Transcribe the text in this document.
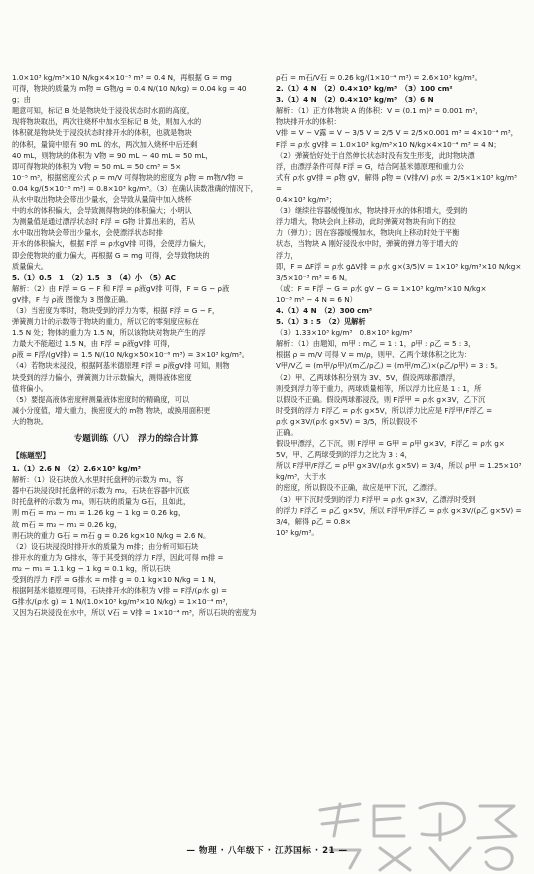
1.0×10³ kg/m³×10 N/kg×4×10⁻⁵ m³ = 0.4 N，再根据 G = mg

可得，物块的质量为 m物 = G物/g = 0.4 N/(10 N/kg) = 0.04 kg = 40 g；由

题意可知，标记 B 处是物块处于浸没状态时水面的高度，

现将物块取出，两次往烧杯中加水至标记 B 处，则加入水的

体积就是物块处于浸没状态时排开水的体积，也就是物块

的体积，量筒中原有 90 mL 的水，两次加入烧杯中后还剩

40 mL，则物块的体积为 V物 = 90 mL − 40 mL = 50 mL，

即可得物块的体积为 V物 = 50 mL = 50 cm³ = 5×

10⁻⁵ m³，根据密度公式 ρ = m/V 可得物块的密度为 ρ物 = m物/V物 =

0.04 kg/(5×10⁻⁵ m³) = 0.8×10³ kg/m³。（3）在确认读数准确的情况下，

从水中取出物块会带出少量水，会导致从量筒中加入烧杯

中的水的体积偏大，会导致测得物块的体积偏大；小明认

为测量值是通过漂浮状态时 F浮 = G物 计算出来的，若从

水中取出物块会带出少量水，会使漂浮状态时排

开水的体积偏大，根据 F浮 = ρ水gV排 可得，会使浮力偏大，

即会使物块的重力偏大，再根据 G = mg 可得，会导致物块的

质量偏大。

5.（1）0.5　1　（2）1.5　3　（4）小　（5）AC

解析：（2）由 F浮 = G − F 和 F浮 = ρ液gV排 可得，F = G − ρ液

gV排，F 与 ρ液 图像为 3 图像正确。

（3）当密度为零时，物块受到的浮力为零，根据 F浮 = G − F，

弹簧测力计的示数等于物块的重力，所以它的零刻度应标在

1.5 N 处；物体的重力为 1.5 N，所以该物块对物块产生的浮

力最大不能超过 1.5 N，由 F浮 = ρ液gV排 可得，

ρ液 = F浮/(gV排) = 1.5 N/(10 N/kg×50×10⁻⁶ m³) = 3×10³ kg/m³。

（4）若物块未浸没，根据阿基米德原理 F浮 = ρ液gV排 可知，则物

块受到的浮力偏小，弹簧测力计示数偏大，测得液体密度

值将偏小。

（5）要提高液体密度秤测量液体密度时的精确度，可以

减小分度值，增大重力，换密度大的 m物 物块，或换用面积更

大的物块。

专题训练（八）　浮力的综合计算
【练题型】

1.（1）2.6 N　（2）2.6×10³ kg/m³

解析：（1）设石块放入水里时托盘秤的示数为 m₁，容

器中石块浸没时托盘秤的示数为 m₂，石块在容器中沉底

时托盘秤的示数为 m₃，则石块的质量为 G石，且如此，

则 m石 = m₃ − m₁ = 1.26 kg − 1 kg = 0.26 kg，

故 m石 = m₃ − m₁ = 0.26 kg，

则石块的重力 G石 = m石 g = 0.26 kg×10 N/kg = 2.6 N。

（2）设石块浸没时排开水的质量为 m排；由分析可知石块

排开水的重力为 G排水，等于其受到的浮力 F浮，因此可得 m排 =

m₂ − m₁ = 1.1 kg − 1 kg = 0.1 kg，所以石块

受到的浮力 F浮 = G排水 = m排 g = 0.1 kg×10 N/kg = 1 N，

根据阿基米德原理可得，石块排开水的体积为 V排 = F浮/(ρ水 g) =

G排水/(ρ水 g) = 1 N/(1.0×10³ kg/m³×10 N/kg) = 1×10⁻⁴ m³，

又因为石块浸没在水中，所以 V石 = V排 = 1×10⁻⁴ m³，所以石块的密度为

ρ石 = m石/V石 = 0.26 kg/(1×10⁻⁴ m³) = 2.6×10³ kg/m³。

2.（1）4 N　（2）0.4×10³ kg/m³　（3）100 cm²

3.（1）4 N　（2）0.4×10³ kg/m³　（3）6 N

解析：（1）正方体物块 A 的体积：V = (0.1 m)³ = 0.001 m³，

物块排开水的体积：

V排 = V − V露 = V − 3/5 V = 2/5 V = 2/5×0.001 m³ = 4×10⁻⁴ m³，

F浮 = ρ水 gV排 = 1.0×10³ kg/m³×10 N/kg×4×10⁻⁴ m³ = 4 N；

（2）弹簧恰好处于自然伸长状态时没有发生形变，此时物块漂

浮，由漂浮条件可得 F浮 = G，结合阿基米德原理和重力公

式有 ρ水 gV排 = ρ物 gV，解得 ρ物 = (V排/V) ρ水 = 2/5×1×10³ kg/m³ =

0.4×10³ kg/m³；

（3）继续往容器缓慢加水，物块排开水的体积增大，受到的

浮力增大，物块会向上移动，此时弹簧对物块有向下的拉

力（弹力）；因在容器缓慢加水，物块向上移动时处于平衡

状态，当物块 A 刚好浸没水中时，弹簧的弹力等于增大的

浮力，

即，F = ΔF浮 = ρ水 gΔV排 = ρ水 g×(3/5)V = 1×10³ kg/m³×10 N/kg×

3/5×10⁻³ m³ = 6 N。

（或：F = F浮 − G = ρ水 gV − G = 1×10³ kg/m³×10 N/kg×

10⁻³ m³ − 4 N = 6 N）

4.（1）4 N　（2）300 cm³

5.（1）3 : 5　（2）见解析

（3）1.33×10³ kg/m³　0.8×10³ kg/m³

解析：（1）由题知，m甲 : m乙 = 1 : 1，ρ甲 : ρ乙 = 5 : 3，

根据 ρ = m/V 可得 V = m/ρ，则甲、乙两个球体积之比为：

V甲/V乙 = (m甲/ρ甲)/(m乙/ρ乙) = (m甲/m乙)×(ρ乙/ρ甲) = 3 : 5。

（2）甲、乙两球体积分别为 3V、5V，假设两球都漂浮，

则受到浮力等于重力，两球质量相等，所以浮力比应是 1 : 1，所

以假设不正确。假设两球都浸没，则 F浮甲 = ρ水 g×3V，乙下沉

时受到的浮力 F浮乙 = ρ水 g×5V，所以浮力比应是 F浮甲/F浮乙 =

ρ水 g×3V/(ρ水 g×5V) = 3/5，所以假设不

正确。

假设甲漂浮，乙下沉，则 F浮甲 = G甲 = ρ甲 g×3V，F浮乙 = ρ水 g×

5V，甲、乙两球受到的浮力之比为 3 : 4，

所以 F浮甲/F浮乙 = ρ甲 g×3V/(ρ水 g×5V) = 3/4，所以 ρ甲 = 1.25×10³ kg/m³，大于水

的密度，所以假设不正确，故应是甲下沉，乙漂浮。

（3）甲下沉时受到的浮力 F浮甲 = ρ水 g×3V，乙漂浮时受到

的浮力 F浮乙 = ρ乙 g×5V，所以 F浮甲/F浮乙 = ρ水 g×3V/(ρ乙 g×5V) = 3/4，解得 ρ乙 = 0.8×

10³ kg/m³。

— 物理 · 八年级下 · 江苏国标 · 21 —
